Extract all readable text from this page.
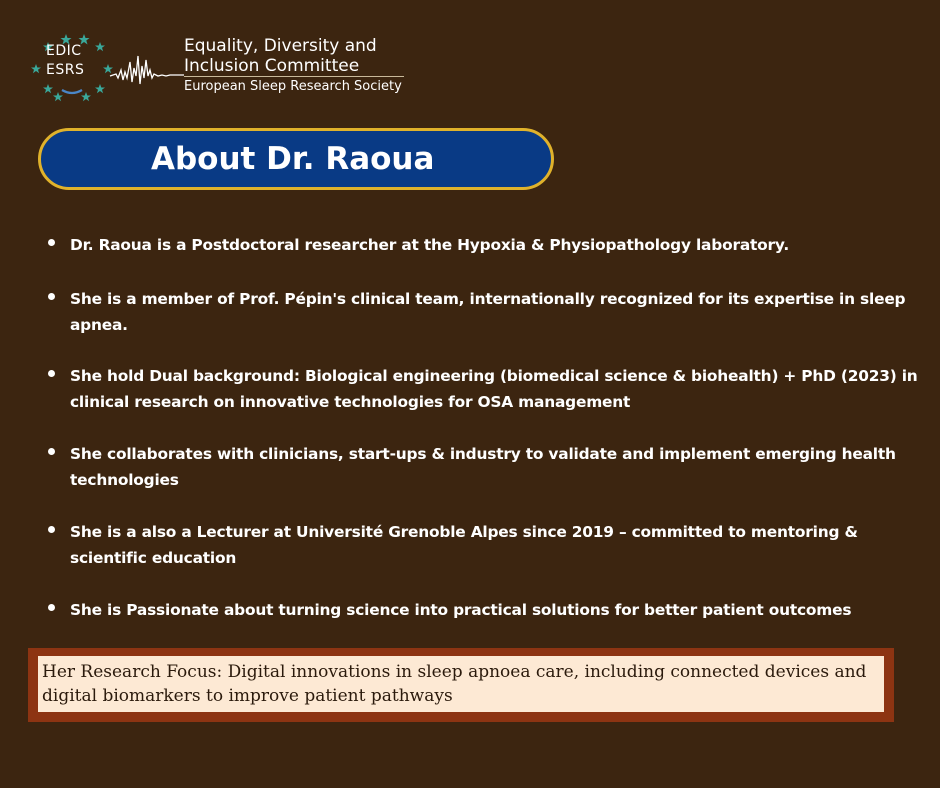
EDIC
ESRS
Equality, Diversity and
Inclusion Committee
European Sleep Research Society
About Dr. Raoua
Dr. Raoua is a Postdoctoral researcher at the Hypoxia & Physiopathology laboratory.
She is a member of Prof. Pépin's clinical team, internationally recognized for its expertise in sleep apnea.
She hold Dual background: Biological engineering (biomedical science & biohealth) + PhD (2023) in clinical research on innovative technologies for OSA management
She collaborates with clinicians, start-ups & industry to validate and implement emerging health technologies
She is a also a Lecturer at Université Grenoble Alpes since 2019 – committed to mentoring & scientific education
She is Passionate about turning science into practical solutions for better patient outcomes

Her Research Focus: Digital innovations in sleep apnoea care, including connected devices and digital biomarkers to improve patient pathways
